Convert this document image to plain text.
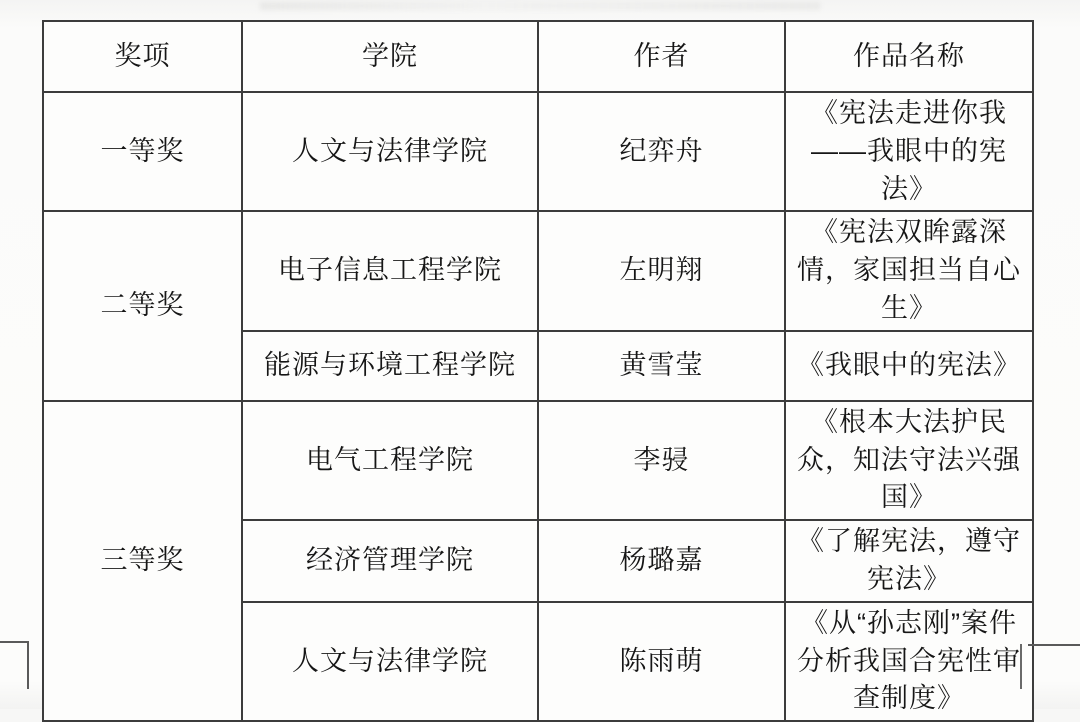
奖项	学院	作者	作品名称
一等奖	人文与法律学院	纪弈舟	《宪法走进你我——我眼中的宪法》
二等奖	电子信息工程学院	左明翔	《宪法双眸露深情，家国担当自心生》
	能源与环境工程学院	黄雪莹	《我眼中的宪法》
三等奖	电气工程学院	李骎	《根本大法护民众，知法守法兴强国》
	经济管理学院	杨璐嘉	《了解宪法，遵守宪法》
	人文与法律学院	陈雨萌	《从“孙志刚”案件分析我国合宪性审查制度》
